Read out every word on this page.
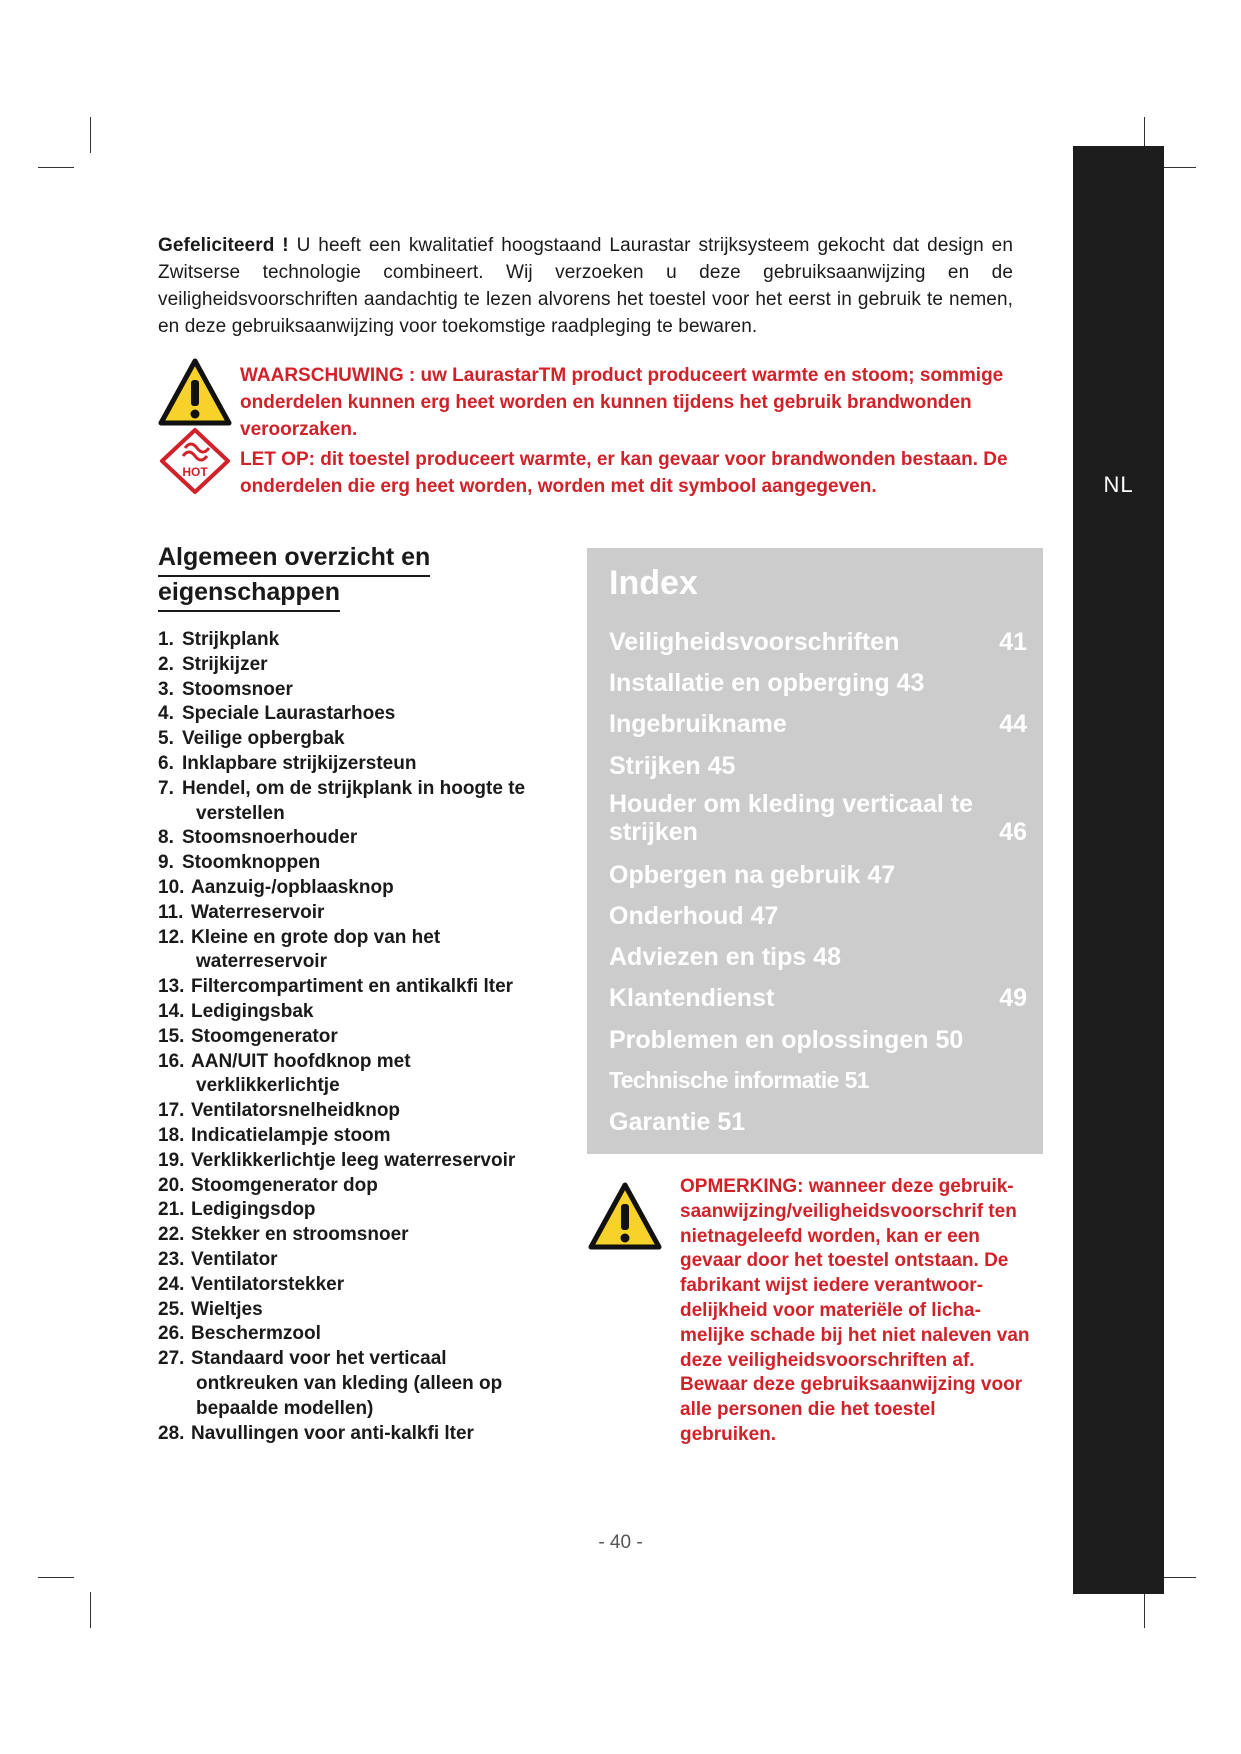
NL

Gefeliciteerd ! U heeft een kwalitatief hoogstaand Laurastar strijksysteem gekocht dat design en Zwitserse technologie combineert. Wij verzoeken u deze gebruiksaanwijzing en de veiligheidsvoorschriften aandachtig te lezen alvorens het toestel voor het eerst in gebruik te nemen, en deze gebruiksaanwijzing voor toekomstige raadpleging te bewaren.

WAARSCHUWING : uw LaurastarTM product produceert warmte en stoom; sommige onderdelen kunnen erg heet worden en kunnen tijdens het gebruik brandwonden veroorzaken.

HOT

LET OP: dit toestel produceert warmte, er kan gevaar voor brandwonden bestaan. De onderdelen die erg heet worden, worden met dit symbool aangegeven.

Algemeen overzicht en
eigenschappen
1. Strijkplank
2. Strijkijzer
3. Stoomsnoer
4. Speciale Laurastarhoes
5. Veilige opbergbak
6. Inklapbare strijkijzersteun
7. Hendel, om de strijkplank in hoogte te
verstellen
8. Stoomsnoerhouder
9. Stoomknoppen
10. Aanzuig-/opblaasknop
11. Waterreservoir
12. Kleine en grote dop van het
waterreservoir
13. Filtercompartiment en antikalkfi lter
14. Ledigingsbak
15. Stoomgenerator
16. AAN/UIT hoofdknop met
verklikkerlichtje
17. Ventilatorsnelheidknop
18. Indicatielampje stoom
19. Verklikkerlichtje leeg waterreservoir
20. Stoomgenerator dop
21. Ledigingsdop
22. Stekker en stroomsnoer
23. Ventilator
24. Ventilatorstekker
25. Wieltjes
26. Beschermzool
27. Standaard voor het verticaal
ontkreuken van kleding (alleen op
bepaalde modellen)
28. Navullingen voor anti-kalkfi lter
Index
Veiligheidsvoorschriften	41
Installatie en opberging 43
Ingebruikname	44
Strijken 45
Houder om kleding verticaal te
strijken	46
Opbergen na gebruik 47
Onderhoud 47
Adviezen en tips 48
Klantendienst	49
Problemen en oplossingen 50
Technische informatie 51
Garantie 51

OPMERKING: wanneer deze gebruiksaanwijzing/veiligheidsvoorschrif ten nietnageleefd worden, kan er een gevaar door het toestel ontstaan. De fabrikant wijst iedere verantwoordelijkheid voor materiële of lichamelijke schade bij het niet naleven van deze veiligheidsvoorschriften af. Bewaar deze gebruiksaanwijzing voor alle personen die het toestel gebruiken.

- 40 -
